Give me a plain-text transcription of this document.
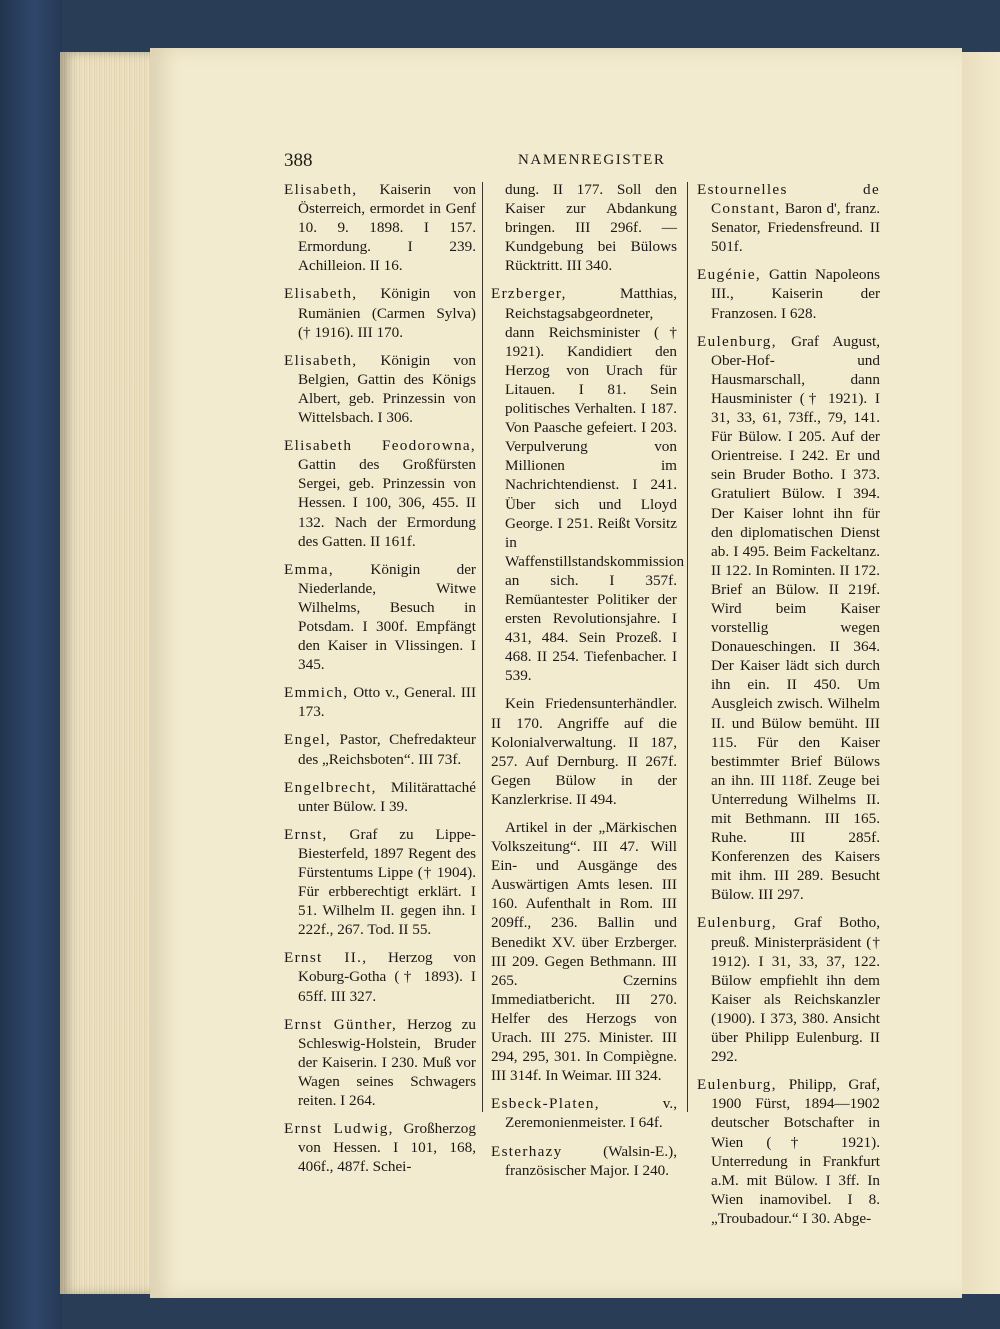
388	NAMENREGISTER

Elisabeth, Kaiserin von Österreich, ermordet in Genf 10. 9. 1898. I 157. Ermordung. I 239. Achilleion. II 16.

Elisabeth, Königin von Rumänien (Carmen Sylva) († 1916). III 170.

Elisabeth, Königin von Belgien, Gattin des Königs Albert, geb. Prinzessin von Wittelsbach. I 306.

Elisabeth Feodorowna, Gattin des Großfürsten Sergei, geb. Prinzessin von Hessen. I 100, 306, 455. II 132. Nach der Ermordung des Gatten. II 161f.

Emma, Königin der Niederlande, Witwe Wilhelms, Besuch in Potsdam. I 300f. Empfängt den Kaiser in Vlissingen. I 345.

Emmich, Otto v., General. III 173.

Engel, Pastor, Chefredakteur des „Reichsboten“. III 73f.

Engelbrecht, Militärattaché unter Bülow. I 39.

Ernst, Graf zu Lippe-Biesterfeld, 1897 Regent des Fürstentums Lippe († 1904). Für erbberechtigt erklärt. I 51. Wilhelm II. gegen ihn. I 222f., 267. Tod. II 55.

Ernst II., Herzog von Koburg-Gotha († 1893). I 65ff. III 327.

Ernst Günther, Herzog zu Schleswig-Holstein, Bruder der Kaiserin. I 230. Muß vor Wagen seines Schwagers reiten. I 264.

Ernst Ludwig, Großherzog von Hessen. I 101, 168, 406f., 487f. Schei-

dung. II 177. Soll den Kaiser zur Abdankung bringen. III 296f. — Kundgebung bei Bülows Rücktritt. III 340.

Erzberger, Matthias, Reichstagsabgeordneter, dann Reichsminister († 1921). Kandidiert den Herzog von Urach für Litauen. I 81. Sein politisches Verhalten. I 187. Von Paasche gefeiert. I 203. Verpulverung von Millionen im Nachrichtendienst. I 241. Über sich und Lloyd George. I 251. Reißt Vorsitz in Waffenstillstandskommission an sich. I 357f. Remüantester Politiker der ersten Revolutionsjahre. I 431, 484. Sein Prozeß. I 468. II 254. Tiefenbacher. I 539.

Kein Friedensunterhändler. II 170. Angriffe auf die Kolonialverwaltung. II 187, 257. Auf Dernburg. II 267f. Gegen Bülow in der Kanzlerkrise. II 494.

Artikel in der „Märkischen Volkszeitung“. III 47. Will Ein- und Ausgänge des Auswärtigen Amts lesen. III 160. Aufenthalt in Rom. III 209ff., 236. Ballin und Benedikt XV. über Erzberger. III 209. Gegen Bethmann. III 265. Czernins Immediatbericht. III 270. Helfer des Herzogs von Urach. III 275. Minister. III 294, 295, 301. In Compiègne. III 314f. In Weimar. III 324.

Esbeck-Platen, v., Zeremonienmeister. I 64f.

Esterhazy (Walsin-E.), französischer Major. I 240.

Estournelles de Constant, Baron d', franz. Senator, Friedensfreund. II 501f.

Eugénie, Gattin Napoleons III., Kaiserin der Franzosen. I 628.

Eulenburg, Graf August, Ober-Hof- und Hausmarschall, dann Hausminister († 1921). I 31, 33, 61, 73ff., 79, 141. Für Bülow. I 205. Auf der Orientreise. I 242. Er und sein Bruder Botho. I 373. Gratuliert Bülow. I 394. Der Kaiser lohnt ihn für den diplomatischen Dienst ab. I 495. Beim Fackeltanz. II 122. In Rominten. II 172. Brief an Bülow. II 219f. Wird beim Kaiser vorstellig wegen Donaueschingen. II 364. Der Kaiser lädt sich durch ihn ein. II 450. Um Ausgleich zwisch. Wilhelm II. und Bülow bemüht. III 115. Für den Kaiser bestimmter Brief Bülows an ihn. III 118f. Zeuge bei Unterredung Wilhelms II. mit Bethmann. III 165. Ruhe. III 285f. Konferenzen des Kaisers mit ihm. III 289. Besucht Bülow. III 297.

Eulenburg, Graf Botho, preuß. Ministerpräsident († 1912). I 31, 33, 37, 122. Bülow empfiehlt ihn dem Kaiser als Reichskanzler (1900). I 373, 380. Ansicht über Philipp Eulenburg. II 292.

Eulenburg, Philipp, Graf, 1900 Fürst, 1894—1902 deutscher Botschafter in Wien († 1921). Unterredung in Frankfurt a.M. mit Bülow. I 3ff. In Wien inamovibel. I 8. „Troubadour.“ I 30. Abge-
